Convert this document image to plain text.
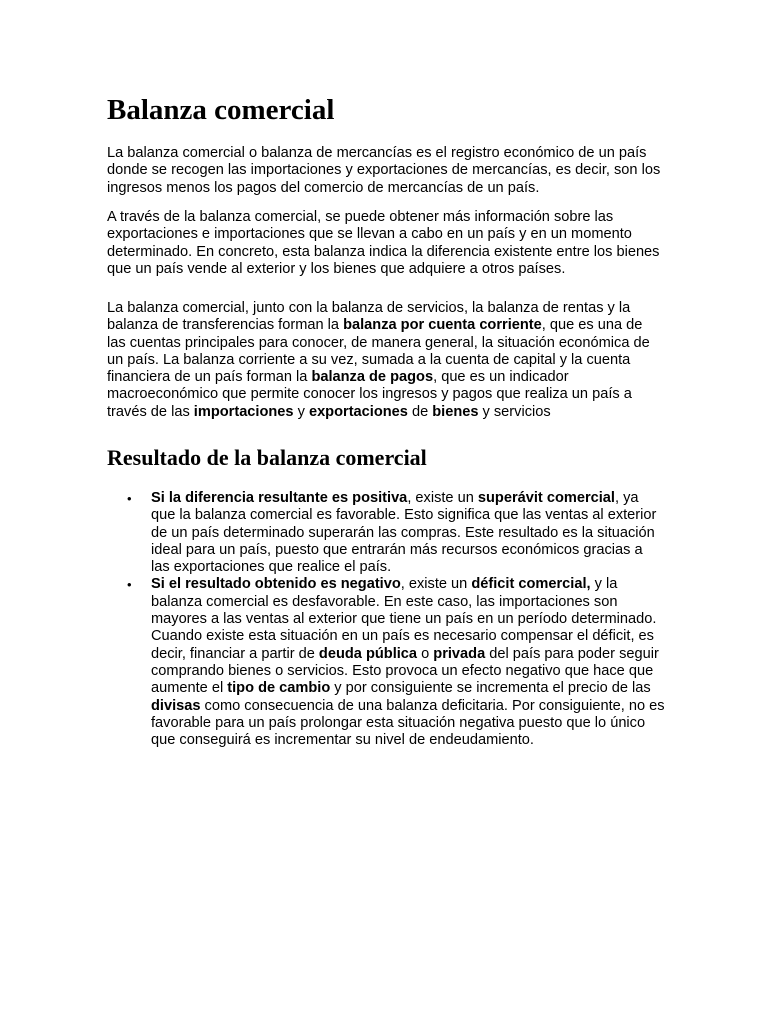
Balanza comercial

La balanza comercial o balanza de mercancías es el registro económico de un país donde se recogen las importaciones y exportaciones de mercancías, es decir, son los ingresos menos los pagos del comercio de mercancías de un país.

A través de la balanza comercial, se puede obtener más información sobre las exportaciones e importaciones que se llevan a cabo en un país y en un momento determinado. En concreto, esta balanza indica la diferencia existente entre los bienes que un país vende al exterior y los bienes que adquiere a otros países.

La balanza comercial, junto con la balanza de servicios, la balanza de rentas y la balanza de transferencias forman la balanza por cuenta corriente, que es una de las cuentas principales para conocer, de manera general, la situación económica de un país. La balanza corriente a su vez, sumada a la cuenta de capital y la cuenta financiera de un país forman la balanza de pagos, que es un indicador macroeconómico que permite conocer los ingresos y pagos que realiza un país a través de las importaciones y exportaciones de bienes y servicios

Resultado de la balanza comercial
• Si la diferencia resultante es positiva, existe un superávit comercial, ya que la balanza comercial es favorable. Esto significa que las ventas al exterior de un país determinado superarán las compras. Este resultado es la situación ideal para un país, puesto que entrarán más recursos económicos gracias a las exportaciones que realice el país.
• Si el resultado obtenido es negativo, existe un déficit comercial, y la balanza comercial es desfavorable. En este caso, las importaciones son mayores a las ventas al exterior que tiene un país en un período determinado. Cuando existe esta situación en un país es necesario compensar el déficit, es decir, financiar a partir de deuda pública o privada del país para poder seguir comprando bienes o servicios. Esto provoca un efecto negativo que hace que aumente el tipo de cambio y por consiguiente se incrementa el precio de las divisas como consecuencia de una balanza deficitaria. Por consiguiente, no es favorable para un país prolongar esta situación negativa puesto que lo único que conseguirá es incrementar su nivel de endeudamiento.
